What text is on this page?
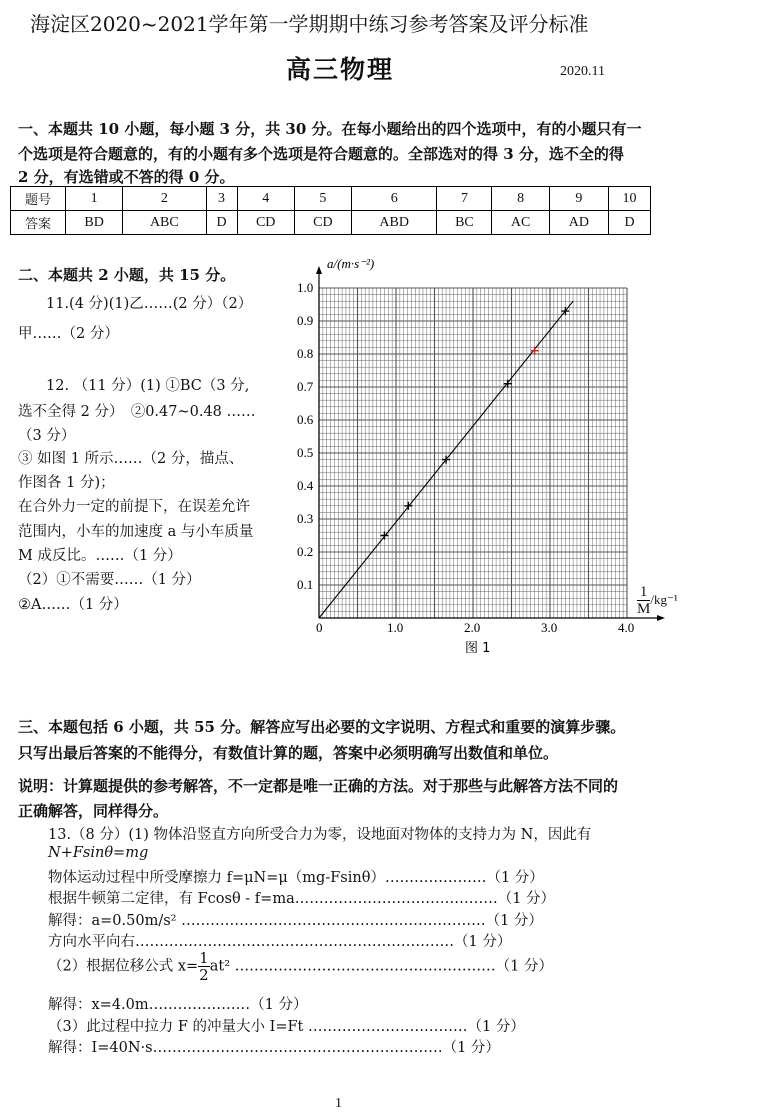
海淀区2020~2021学年第一学期期中练习参考答案及评分标准
高三物理	2020.11
一、本题共 10 小题，每小题 3 分，共 30 分。在每小题给出的四个选项中，有的小题只有一
个选项是符合题意的，有的小题有多个选项是符合题意的。全部选对的得 3 分，选不全的得
2 分，有选错或不答的得 0 分。
题号	1	2	3	4	5	6	7	8	9	10
答案	BD	ABC	D	CD	CD	ABD	BC	AC	AD	D
二、本题共 2 小题，共 15 分。
11.(4 分)(1)乙……(2 分）（2）
甲……（2 分）
12. （11 分）(1) ①BC（3 分,
选不全得 2 分）　②0.47~0.48 ……
（3 分）
③ 如图 1 所示……（2 分，描点、
作图各 1 分)；
在合外力一定的前提下，在误差允许
范围内，小车的加速度 a 与小车质量
M 成反比。……（1 分）
（2）①不需要……（1 分）
②A……（1 分）
a/(m·s⁻²)
0	1.0	2.0	3.0	4.0
0.1
0.2
0.3
0.4
0.5
0.6
0.7
0.8
0.9
1.0
图 1
$\frac{1}{M} /kg^{-1}$
三、本题包括 6 小题，共 55 分。解答应写出必要的文字说明、方程式和重要的演算步骤。
只写出最后答案的不能得分，有数值计算的题，答案中必须明确写出数值和单位。
说明：计算题提供的参考解答，不一定都是唯一正确的方法。对于那些与此解答方法不同的
正确解答，同样得分。
13.（8 分）(1) 物体沿竖直方向所受合力为零，设地面对物体的支持力为 N，因此有
N+Fsinθ=mg
物体运动过程中所受摩擦力 f=μN=μ（mg-Fsinθ）…………………（1 分）
根据牛顿第二定律，有 Fcosθ - f=ma……………………………………（1 分）
解得：a=0.50m/s² ………………………………………………………（1 分）
方向水平向右…………………………………………………………（1 分）
（2）根据位移公式 $x= \frac{1}{2} at^2$ ………………………………………………（1 分）
解得：x=4.0m…………………（1 分）
（3）此过程中拉力 F 的冲量大小 I=Ft ……………………………（1 分）
解得：I=40N·s……………………………………………………（1 分）
1
